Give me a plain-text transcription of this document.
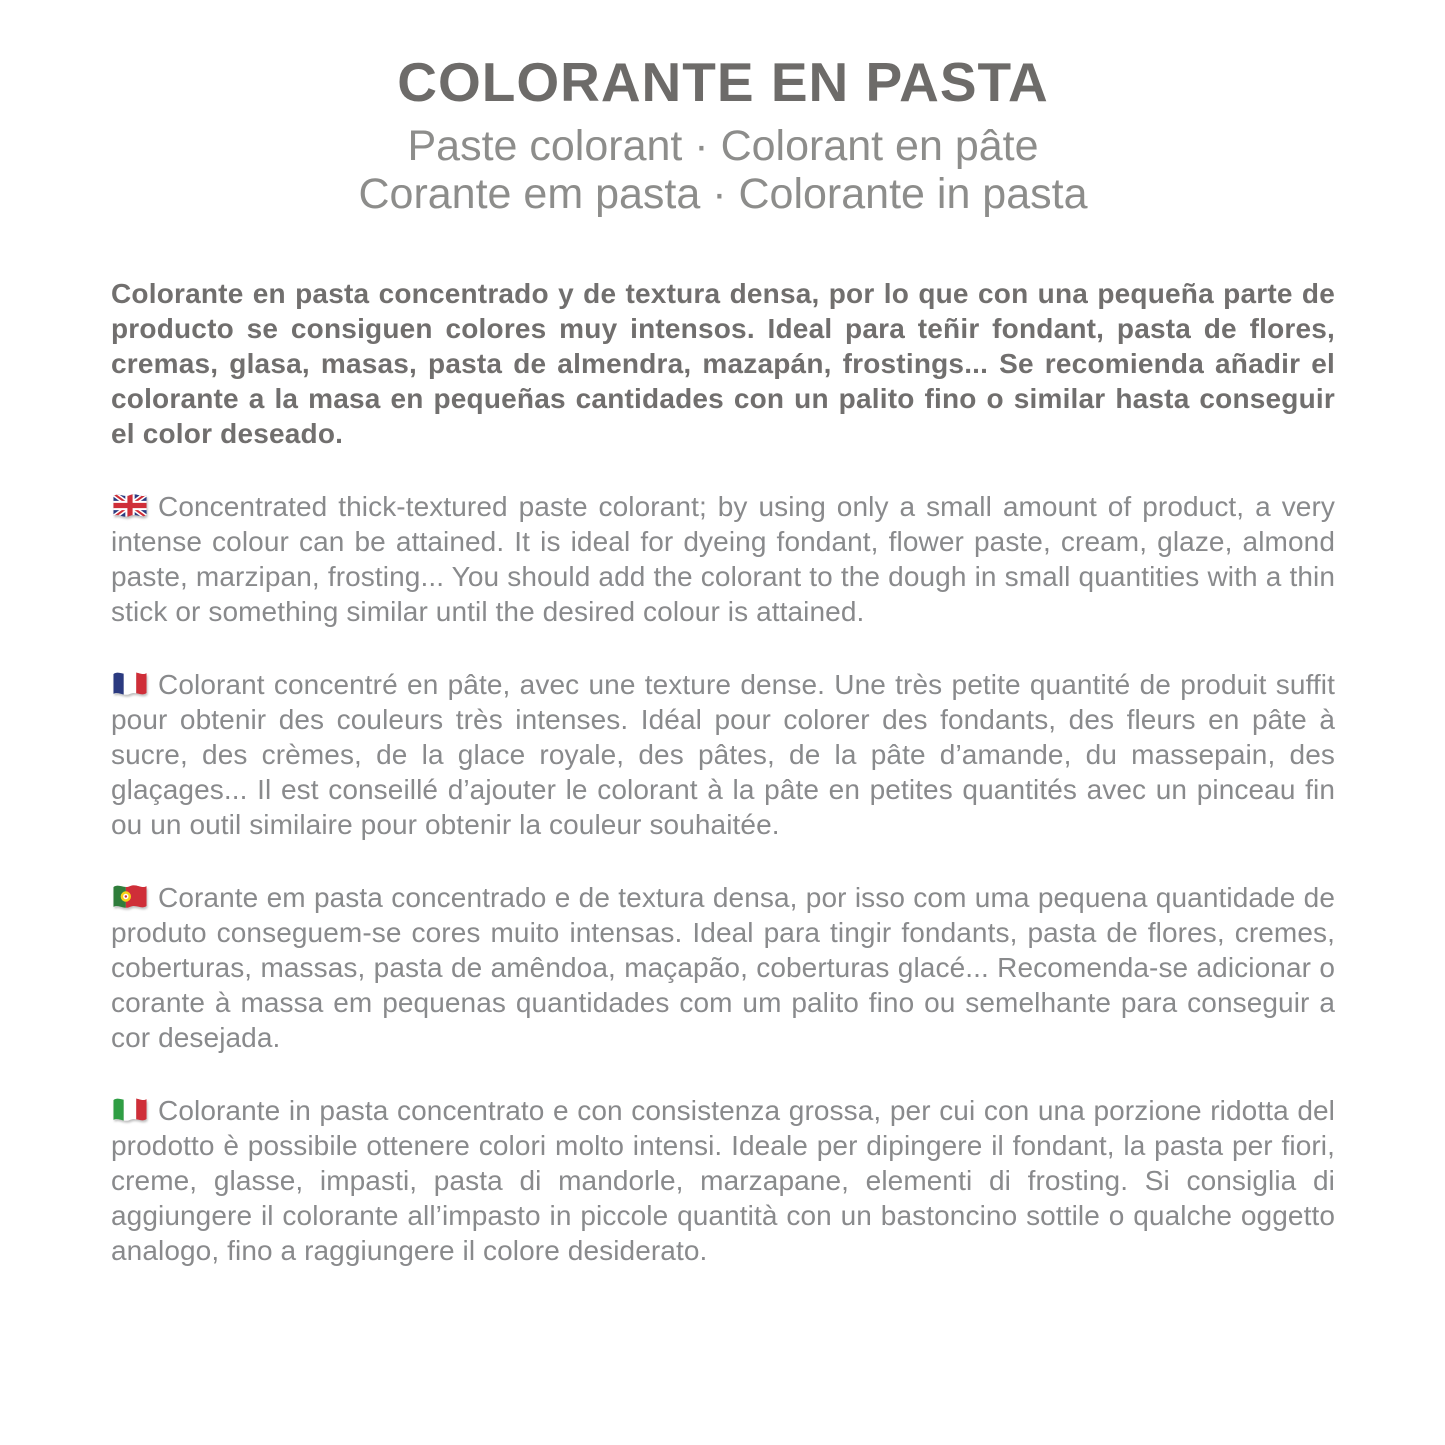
COLORANTE EN PASTA
Paste colorant · Colorant en pâte
Corante em pasta · Colorante in pasta

Colorante en pasta concentrado y de textura densa, por lo que con una pequeña parte de producto se consiguen colores muy intensos. Ideal para teñir fondant, pasta de flores, cremas, glasa, masas, pasta de almendra, mazapán, frostings... Se recomienda añadir el colorante a la masa en pequeñas cantidades con un palito fino o similar hasta conseguir el color deseado.

Concentrated thick-textured paste colorant; by using only a small amount of product, a very intense colour can be attained. It is ideal for dyeing fondant, flower paste, cream, glaze, almond paste, marzipan, frosting... You should add the colorant to the dough in small quantities with a thin stick or something similar until the desired colour is attained.

Colorant concentré en pâte, avec une texture dense. Une très petite quantité de produit suffit pour obtenir des couleurs très intenses. Idéal pour colorer des fondants, des fleurs en pâte à sucre, des crèmes, de la glace royale, des pâtes, de la pâte d’amande, du massepain, des glaçages... Il est conseillé d’ajouter le colorant à la pâte en petites quantités avec un pinceau fin ou un outil similaire pour obtenir la couleur souhaitée.

Corante em pasta concentrado e de textura densa, por isso com uma pequena quantidade de produto conseguem-se cores muito intensas. Ideal para tingir fondants, pasta de flores, cremes, coberturas, massas, pasta de amêndoa, maçapão, coberturas glacé... Recomenda-se adicionar o corante à massa em pequenas quantidades com um palito fino ou semelhante para conseguir a cor desejada.

Colorante in pasta concentrato e con consistenza grossa, per cui con una porzione ridotta del prodotto è possibile ottenere colori molto intensi. Ideale per dipingere il fondant, la pasta per fiori, creme, glasse, impasti, pasta di mandorle, marzapane, elementi di frosting. Si consiglia di aggiungere il colorante all’impasto in piccole quantità con un bastoncino sottile o qualche oggetto analogo, fino a raggiungere il colore desiderato.
